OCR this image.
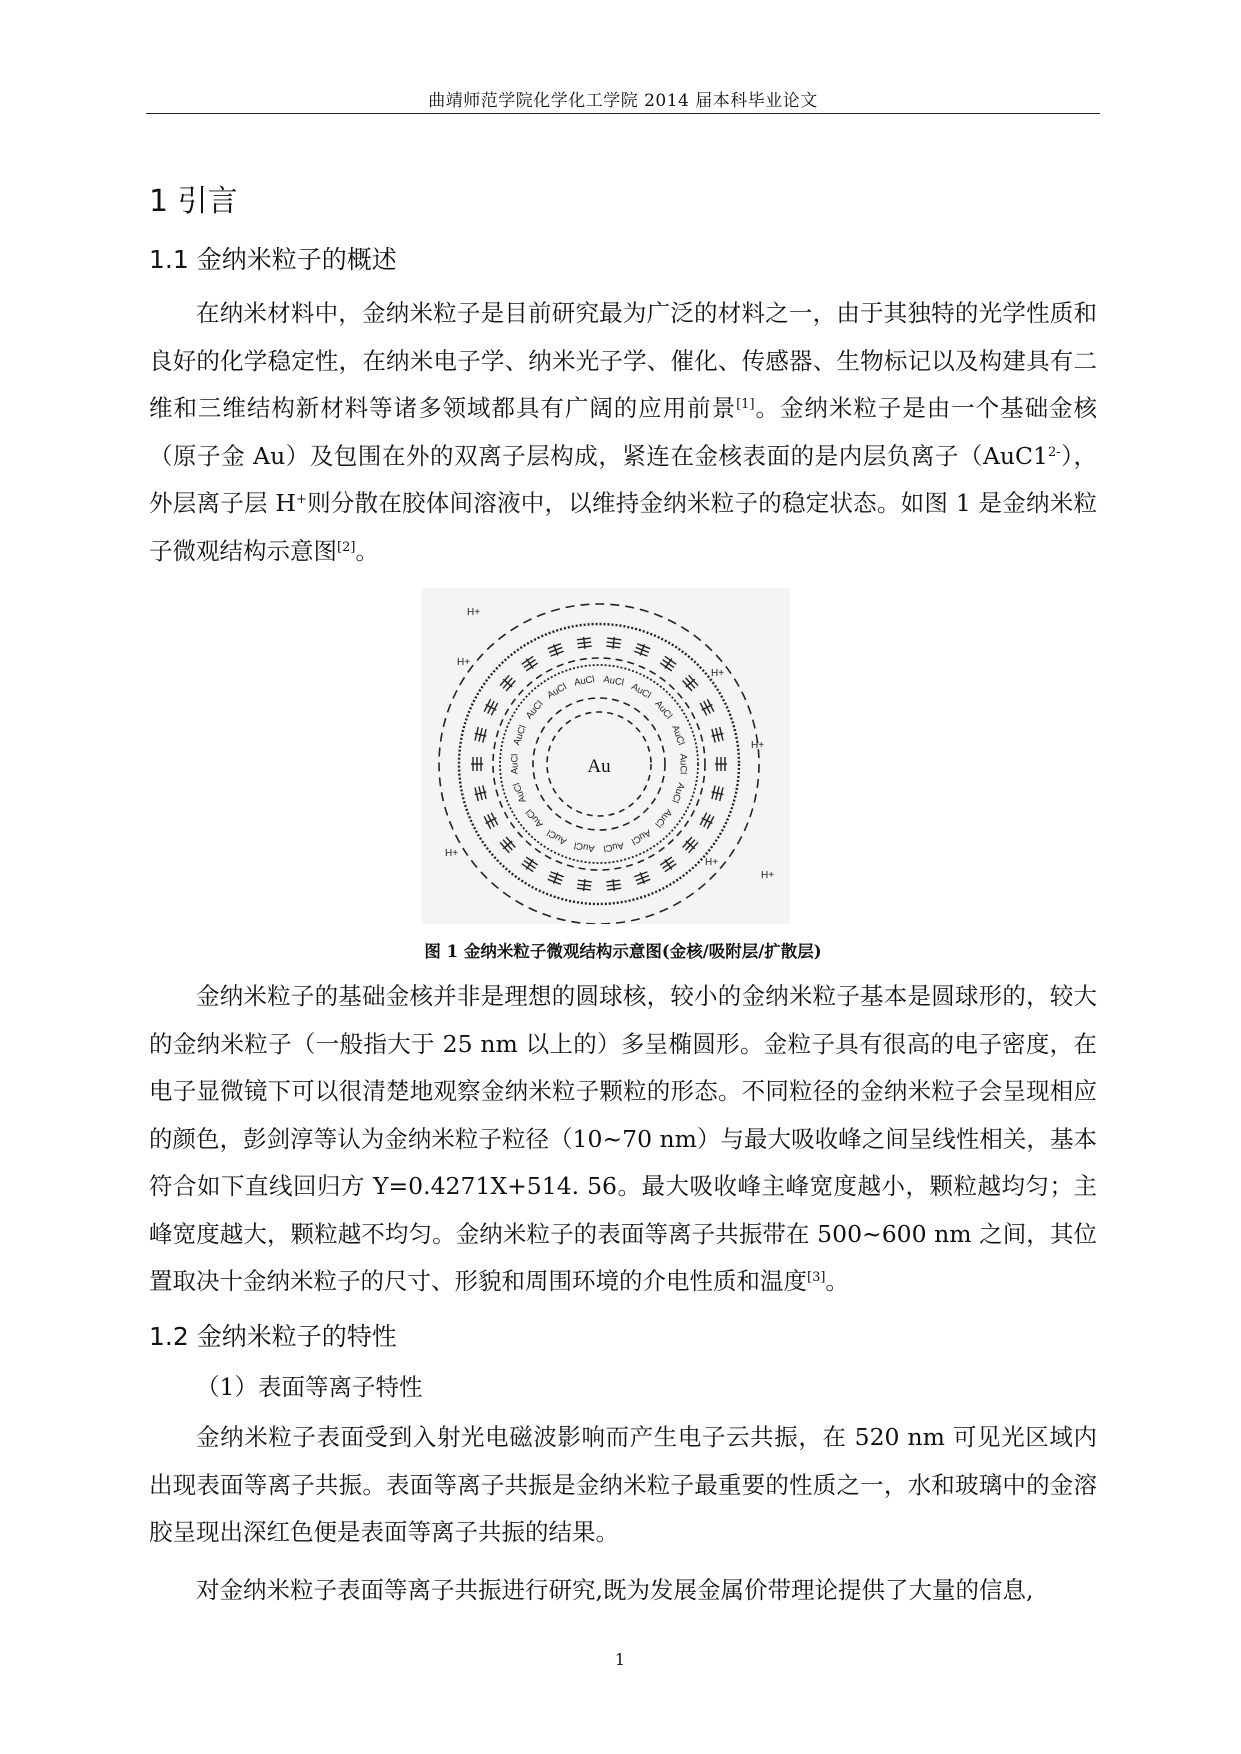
曲靖师范学院化学化工学院 2014 届本科毕业论文
1 引言
1.1 金纳米粒子的概述

在纳米材料中，金纳米粒子是目前研究最为广泛的材料之一，由于其独特的光学性质和良好的化学稳定性，在纳米电子学、纳米光子学、催化、传感器、生物标记以及构建具有二维和三维结构新材料等诸多领域都具有广阔的应用前景[1]。金纳米粒子是由一个基础金核（原子金 Au）及包围在外的双离子层构成，紧连在金核表面的是内层负离子$(AuC1^{2-})$，外层离子层 H+则分散在胶体间溶液中，以维持金纳米粒子的稳定状态。如图 1 是金纳米粒子微观结构示意图[2]。

Au	AuCl
AuCl
AuCl
AuCl
AuCl
AuCl
AuCl
AuCl
AuCl
AuCl
AuCl
AuCl
AuCl
AuCl AuCl
AuCl
AuCl
AuCl
H+
H+
H+
H+
H+
H+
H+
图 1 金纳米粒子微观结构示意图(金核/吸附层/扩散层)

金纳米粒子的基础金核并非是理想的圆球核，较小的金纳米粒子基本是圆球形的，较大的金纳米粒子（一般指大于 25 nm 以上的）多呈椭圆形。金粒子具有很高的电子密度，在电子显微镜下可以很清楚地观察金纳米粒子颗粒的形态。不同粒径的金纳米粒子会呈现相应的颜色，彭剑淳等认为金纳米粒子粒径（10~70 nm）与最大吸收峰之间呈线性相关，基本符合如下直线回归方 Y=0.4271X+514. 56。最大吸收峰主峰宽度越小，颗粒越均匀；主峰宽度越大，颗粒越不均匀。金纳米粒子的表面等离子共振带在 500~600 nm 之间，其位置取决十金纳米粒子的尺寸、形貌和周围环境的介电性质和温度[3]。

1.2 金纳米粒子的特性
（1）表面等离子特性

金纳米粒子表面受到入射光电磁波影响而产生电子云共振，在 520 nm 可见光区域内出现表面等离子共振。表面等离子共振是金纳米粒子最重要的性质之一，水和玻璃中的金溶胶呈现出深红色便是表面等离子共振的结果。

对金纳米粒子表面等离子共振进行研究,既为发展金属价带理论提供了大量的信息,

1
